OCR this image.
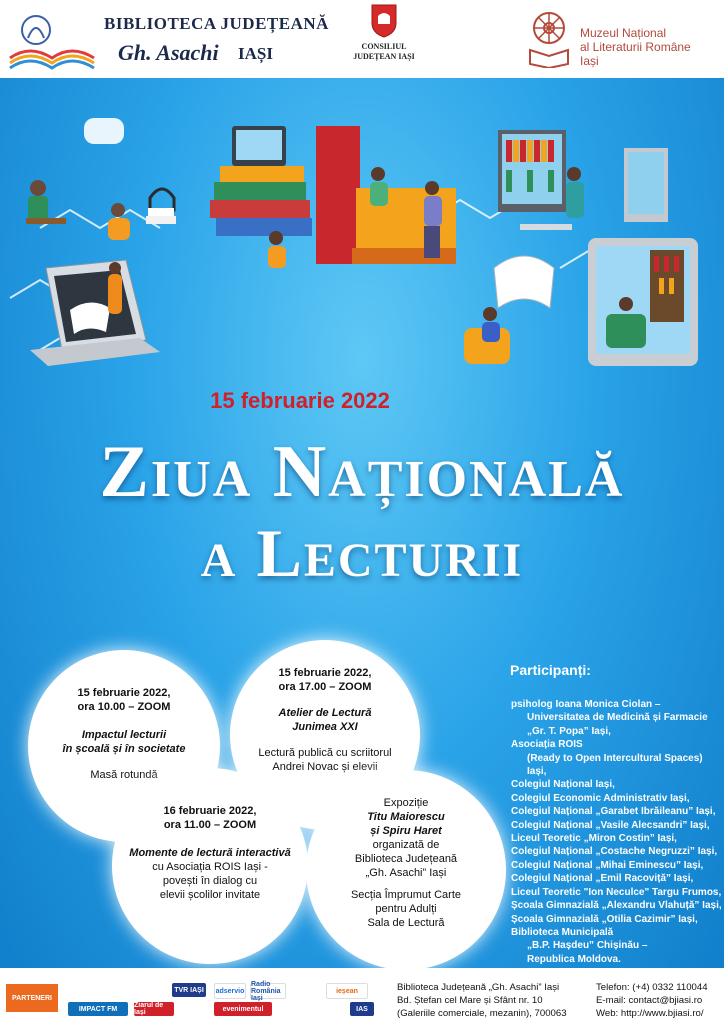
BIBLIOTECA JUDEȚEANĂ
Gh. Asachi IAȘI	CONSILIUL
JUDEȚEAN IAȘI
Muzeul Național
al Literaturii Române
Iași
15 februarie 2022
Ziua Națională
a Lecturii
15 februarie 2022,
ora 10.00 – ZOOM
Impactul lecturii
în școală și în societate
Masă rotundă
15 februarie 2022,
ora 17.00 – ZOOM
Atelier de Lectură
Junimea XXI
Lectură publică cu scriitorul
Andrei Novac și elevii
16 februarie 2022,
ora 11.00 – ZOOM
Momente de lectură interactivă
cu Asociația ROIS Iași -
povești în dialog cu
elevii școlilor invitate
Expoziție
Titu Maiorescu
și Spiru Haret
organizată de
Biblioteca Județeană
„Gh. Asachi” Iași
Secția Împrumut Carte
pentru Adulți
Sala de Lectură
Participanți:
psiholog Ioana Monica Ciolan –
Universitatea de Medicină și Farmacie
„Gr. T. Popa” Iași,
Asociația ROIS
(Ready to Open Intercultural Spaces) Iași,
Colegiul Național Iași,
Colegiul Economic Administrativ Iași,
Colegiul Național „Garabet Ibrăileanu” Iași,
Colegiul Național „Vasile Alecsandri” Iași,
Liceul Teoretic „Miron Costin” Iași,
Colegiul Național „Costache Negruzzi” Iași,
Colegiul Național „Mihai Eminescu” Iași,
Colegiul Național „Emil Racoviță” Iași,
Liceul Teoretic "Ion Neculce" Targu Frumos,
Școala Gimnazială „Alexandru Vlahuță” Iași,
Școala Gimnazială „Otilia Cazimir” Iași,
Biblioteca Municipală
„B.P. Hașdeu” Chișinău –
Republica Moldova.
PARTENERI
IMPACT FM
TVR IAȘI	adservio
Radio România Iași
ieșean
Ziarul de Iași	evenimentul	IAS
Biblioteca Județeană „Gh. Asachi” Iași
Bd. Ștefan cel Mare și Sfânt nr. 10
(Galeriile comerciale, mezanin), 700063
Telefon: (+4) 0332 110044
E-mail: contact@bjiasi.ro
Web: http://www.bjiasi.ro/
